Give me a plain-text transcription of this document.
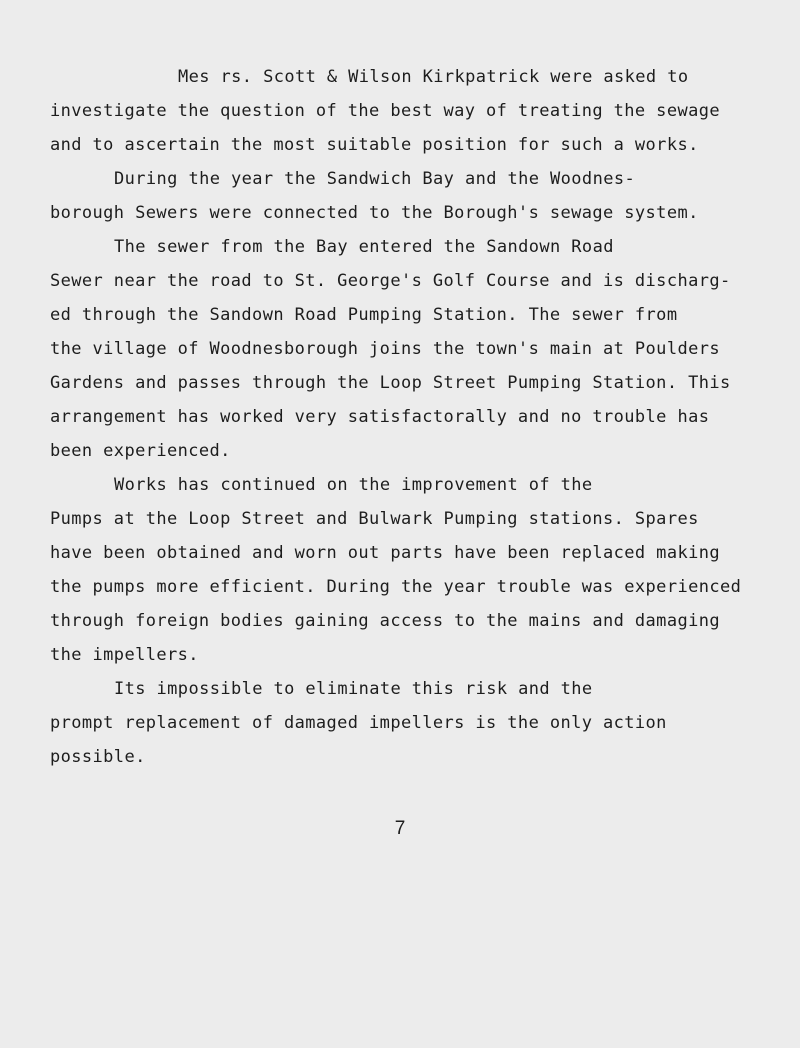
Mes rs. Scott & Wilson Kirkpatrick were asked to
investigate the question of the best way of treating the sewage
and to ascertain the most suitable position for such a works.
During the year the Sandwich Bay and the Woodnes-
borough Sewers were connected to the Borough's sewage system.
The sewer from the Bay entered the Sandown Road
Sewer near the road to St. George's Golf Course and is discharg-
ed through the Sandown Road Pumping Station. The sewer from
the village of Woodnesborough joins the town's main at Poulders
Gardens and passes through the Loop Street Pumping Station. This
arrangement has worked very satisfactorally and no trouble has
been experienced.
Works has continued on the improvement of the
Pumps at the Loop Street and Bulwark Pumping stations. Spares
have been obtained and worn out parts have been replaced making
the pumps more efficient. During the year trouble was experienced
through foreign bodies gaining access to the mains and damaging
the impellers.
Its impossible to eliminate this risk and the
prompt replacement of damaged impellers is the only action
possible.
7
